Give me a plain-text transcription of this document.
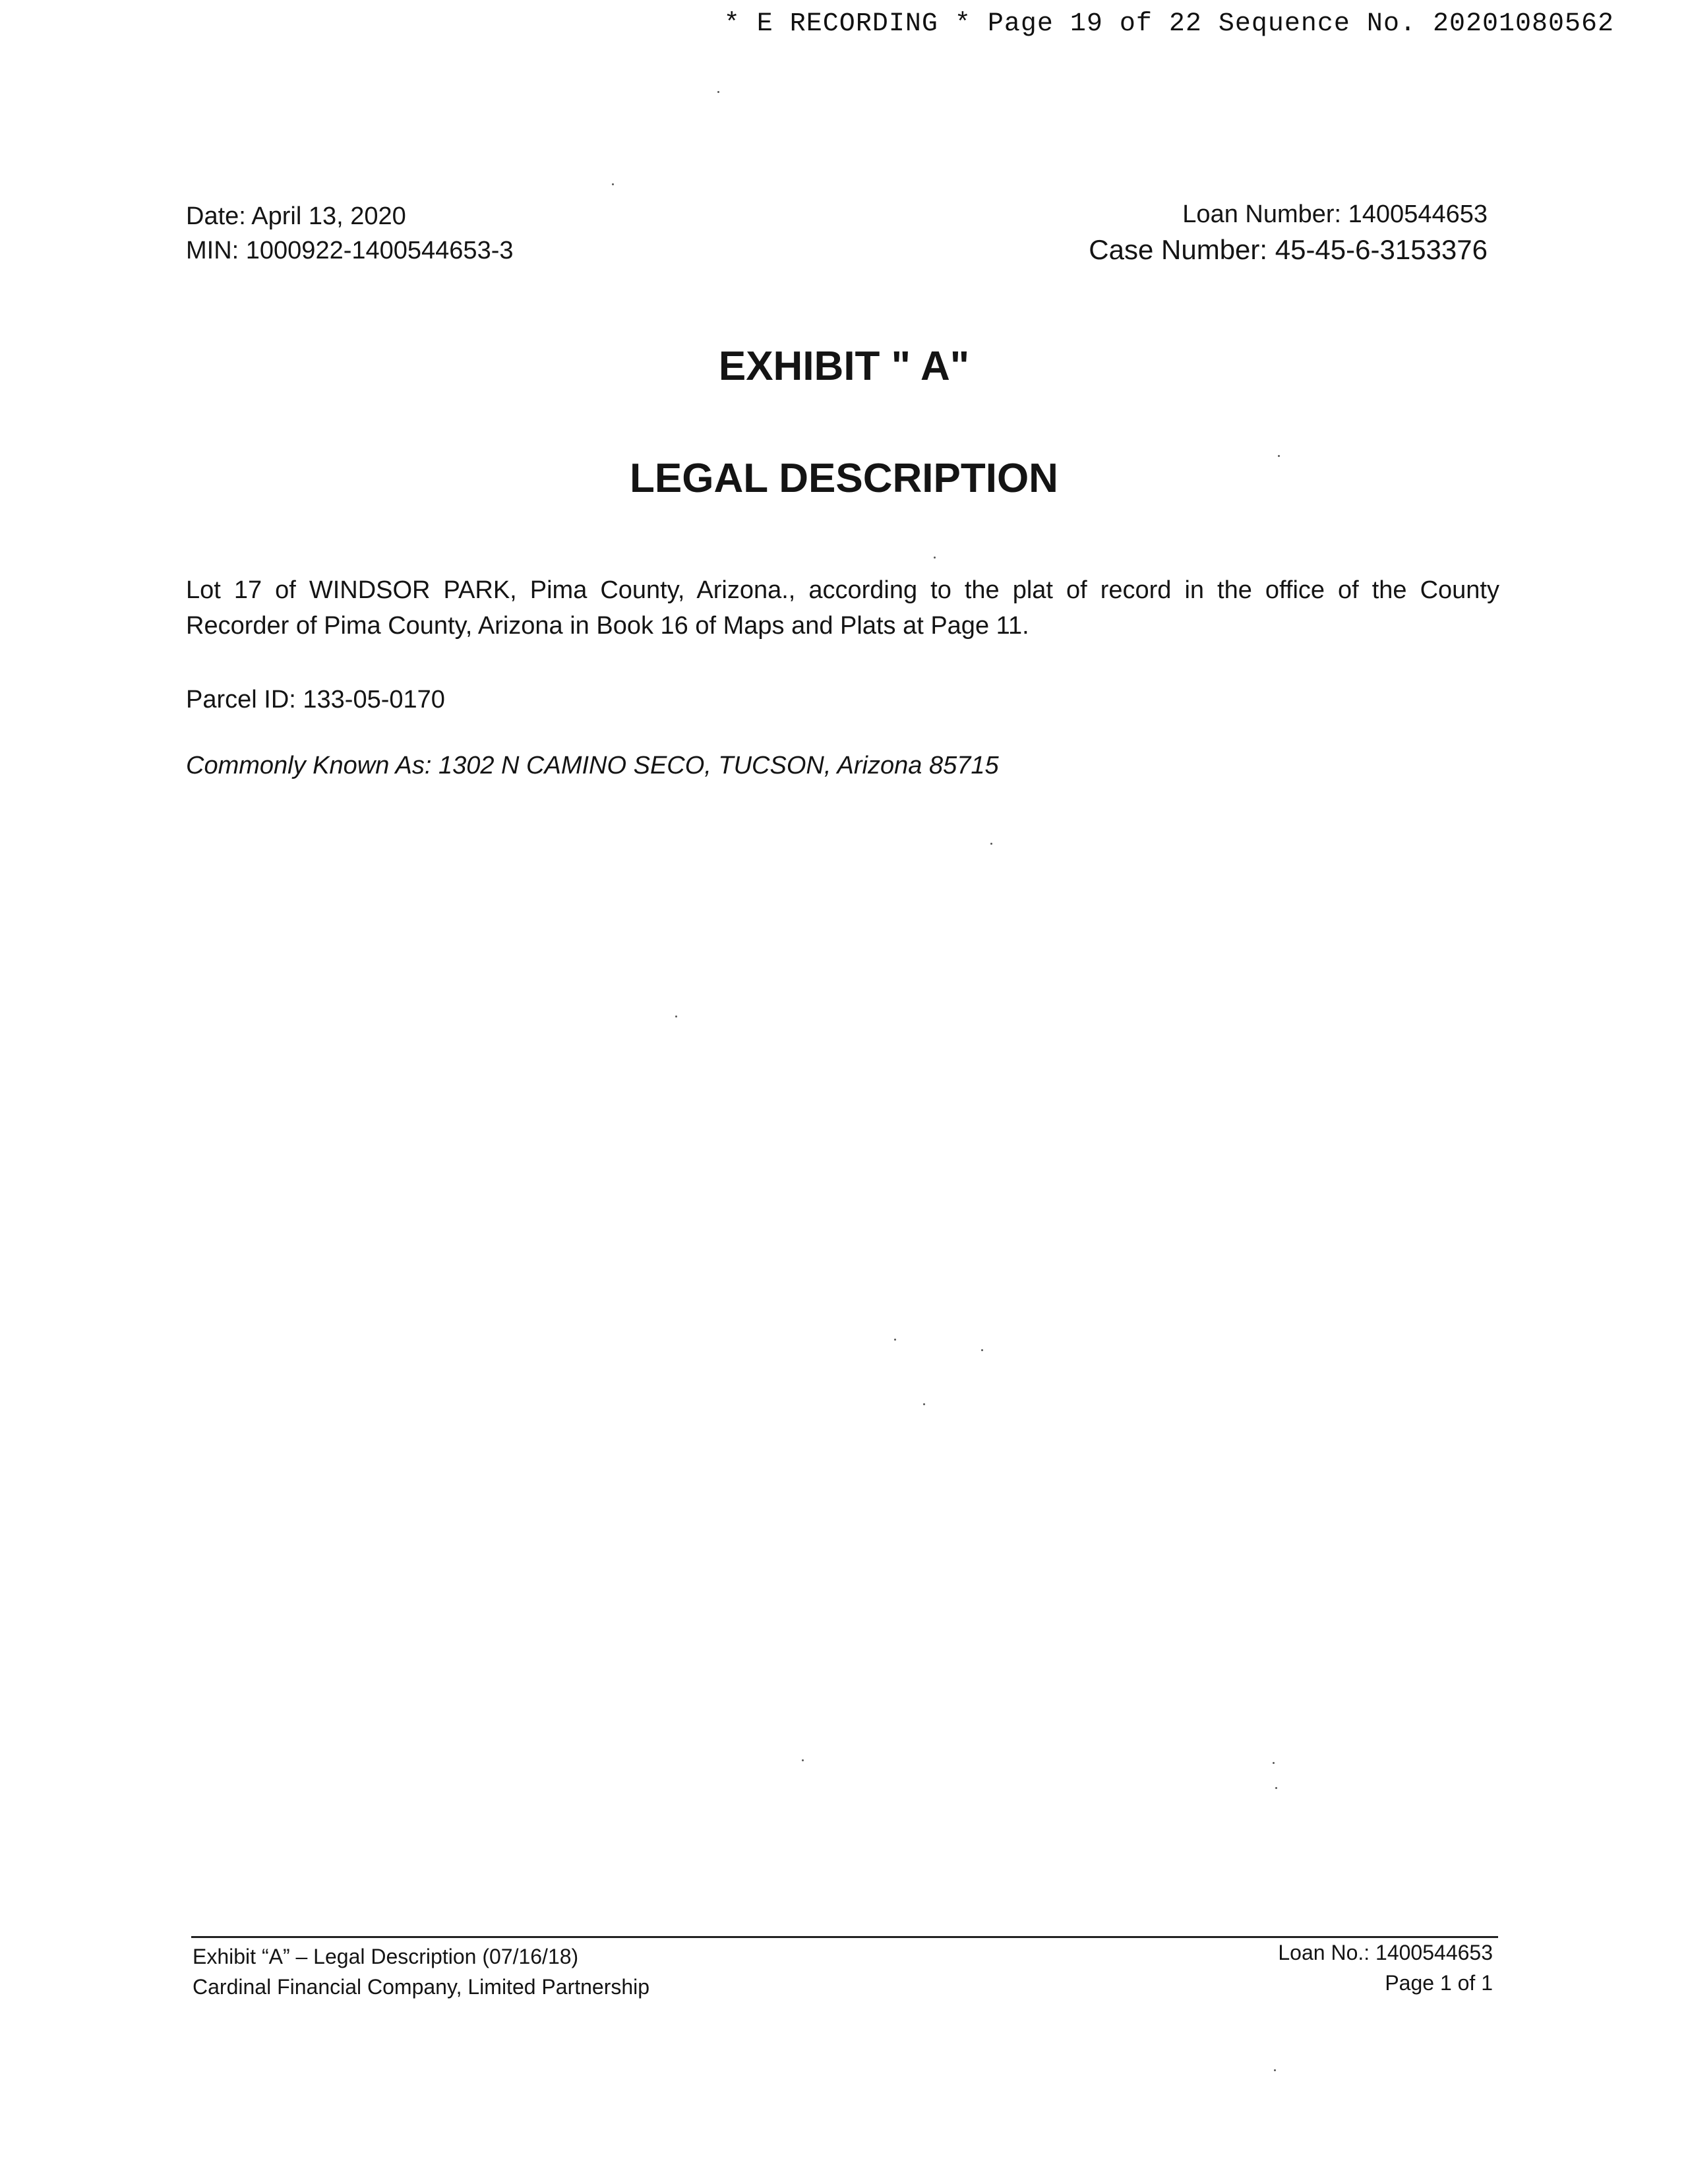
* E RECORDING * Page 19 of 22 Sequence No. 20201080562
Date: April 13, 2020
MIN: 1000922-1400544653-3
Loan Number: 1400544653
Case Number: 45-45-6-3153376
EXHIBIT " A"
LEGAL DESCRIPTION
Lot 17 of WINDSOR PARK, Pima County, Arizona., according to the plat of record in the office of the County
Recorder of Pima County, Arizona in Book 16 of Maps and Plats at Page 11.
Parcel ID: 133-05-0170
Commonly Known As: 1302 N CAMINO SECO, TUCSON, Arizona 85715
Exhibit “A” – Legal Description (07/16/18)
Cardinal Financial Company, Limited Partnership
Loan No.: 1400544653
Page 1 of 1
